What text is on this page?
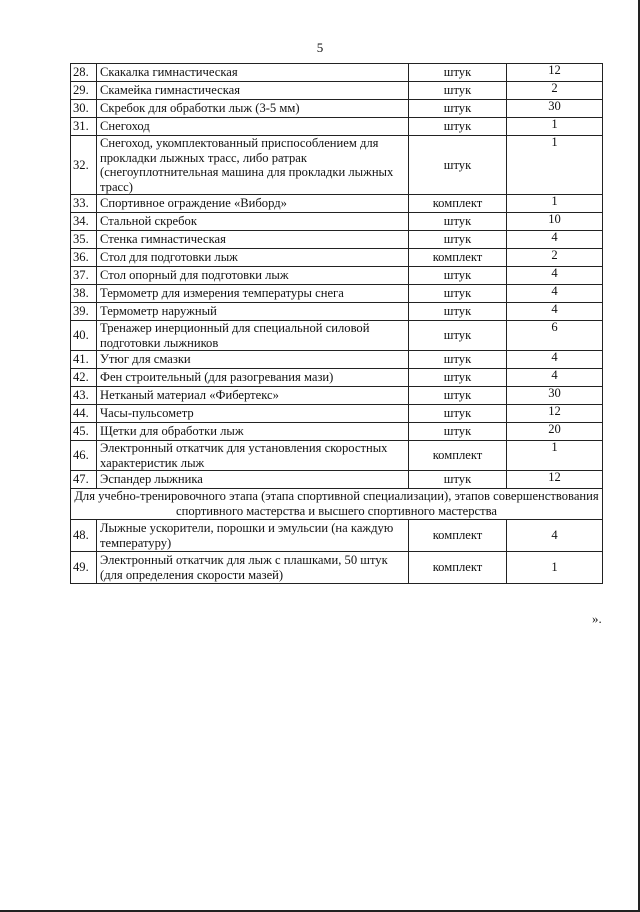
5
28.	Скакалка гимнастическая	штук	12
29.	Скамейка гимнастическая	штук	2
30.	Скребок для обработки лыж (3-5 мм)	штук	30
31.	Снегоход	штук	1
32.	Снегоход, укомплектованный приспособлением для прокладки лыжных трасс, либо ратрак (снегоуплотнительная машина для прокладки лыжных трасс)	штук	1
33.	Спортивное ограждение «Виборд»	комплект	1
34.	Стальной скребок	штук	10
35.	Стенка гимнастическая	штук	4
36.	Стол для подготовки лыж	комплект	2
37.	Стол опорный для подготовки лыж	штук	4
38.	Термометр для измерения температуры снега	штук	4
39.	Термометр наружный	штук	4
40.	Тренажер инерционный для специальной силовой подготовки лыжников	штук	6
41.	Утюг для смазки	штук	4
42.	Фен строительный (для разогревания мази)	штук	4
43.	Нетканый материал «Фибертекс»	штук	30
44.	Часы-пульсометр	штук	12
45.	Щетки для обработки лыж	штук	20
46.	Электронный откатчик для установления скоростных характеристик лыж	комплект	1
47.	Эспандер лыжника	штук	12
Для учебно-тренировочного этапа (этапа спортивной специализации), этапов совершенствования спортивного мастерства и высшего спортивного мастерства			
48.	Лыжные ускорители, порошки и эмульсии (на каждую температуру)	комплект	4
49.	Электронный откатчик для лыж с плашками, 50 штук (для определения скорости мазей)	комплект	1
».
